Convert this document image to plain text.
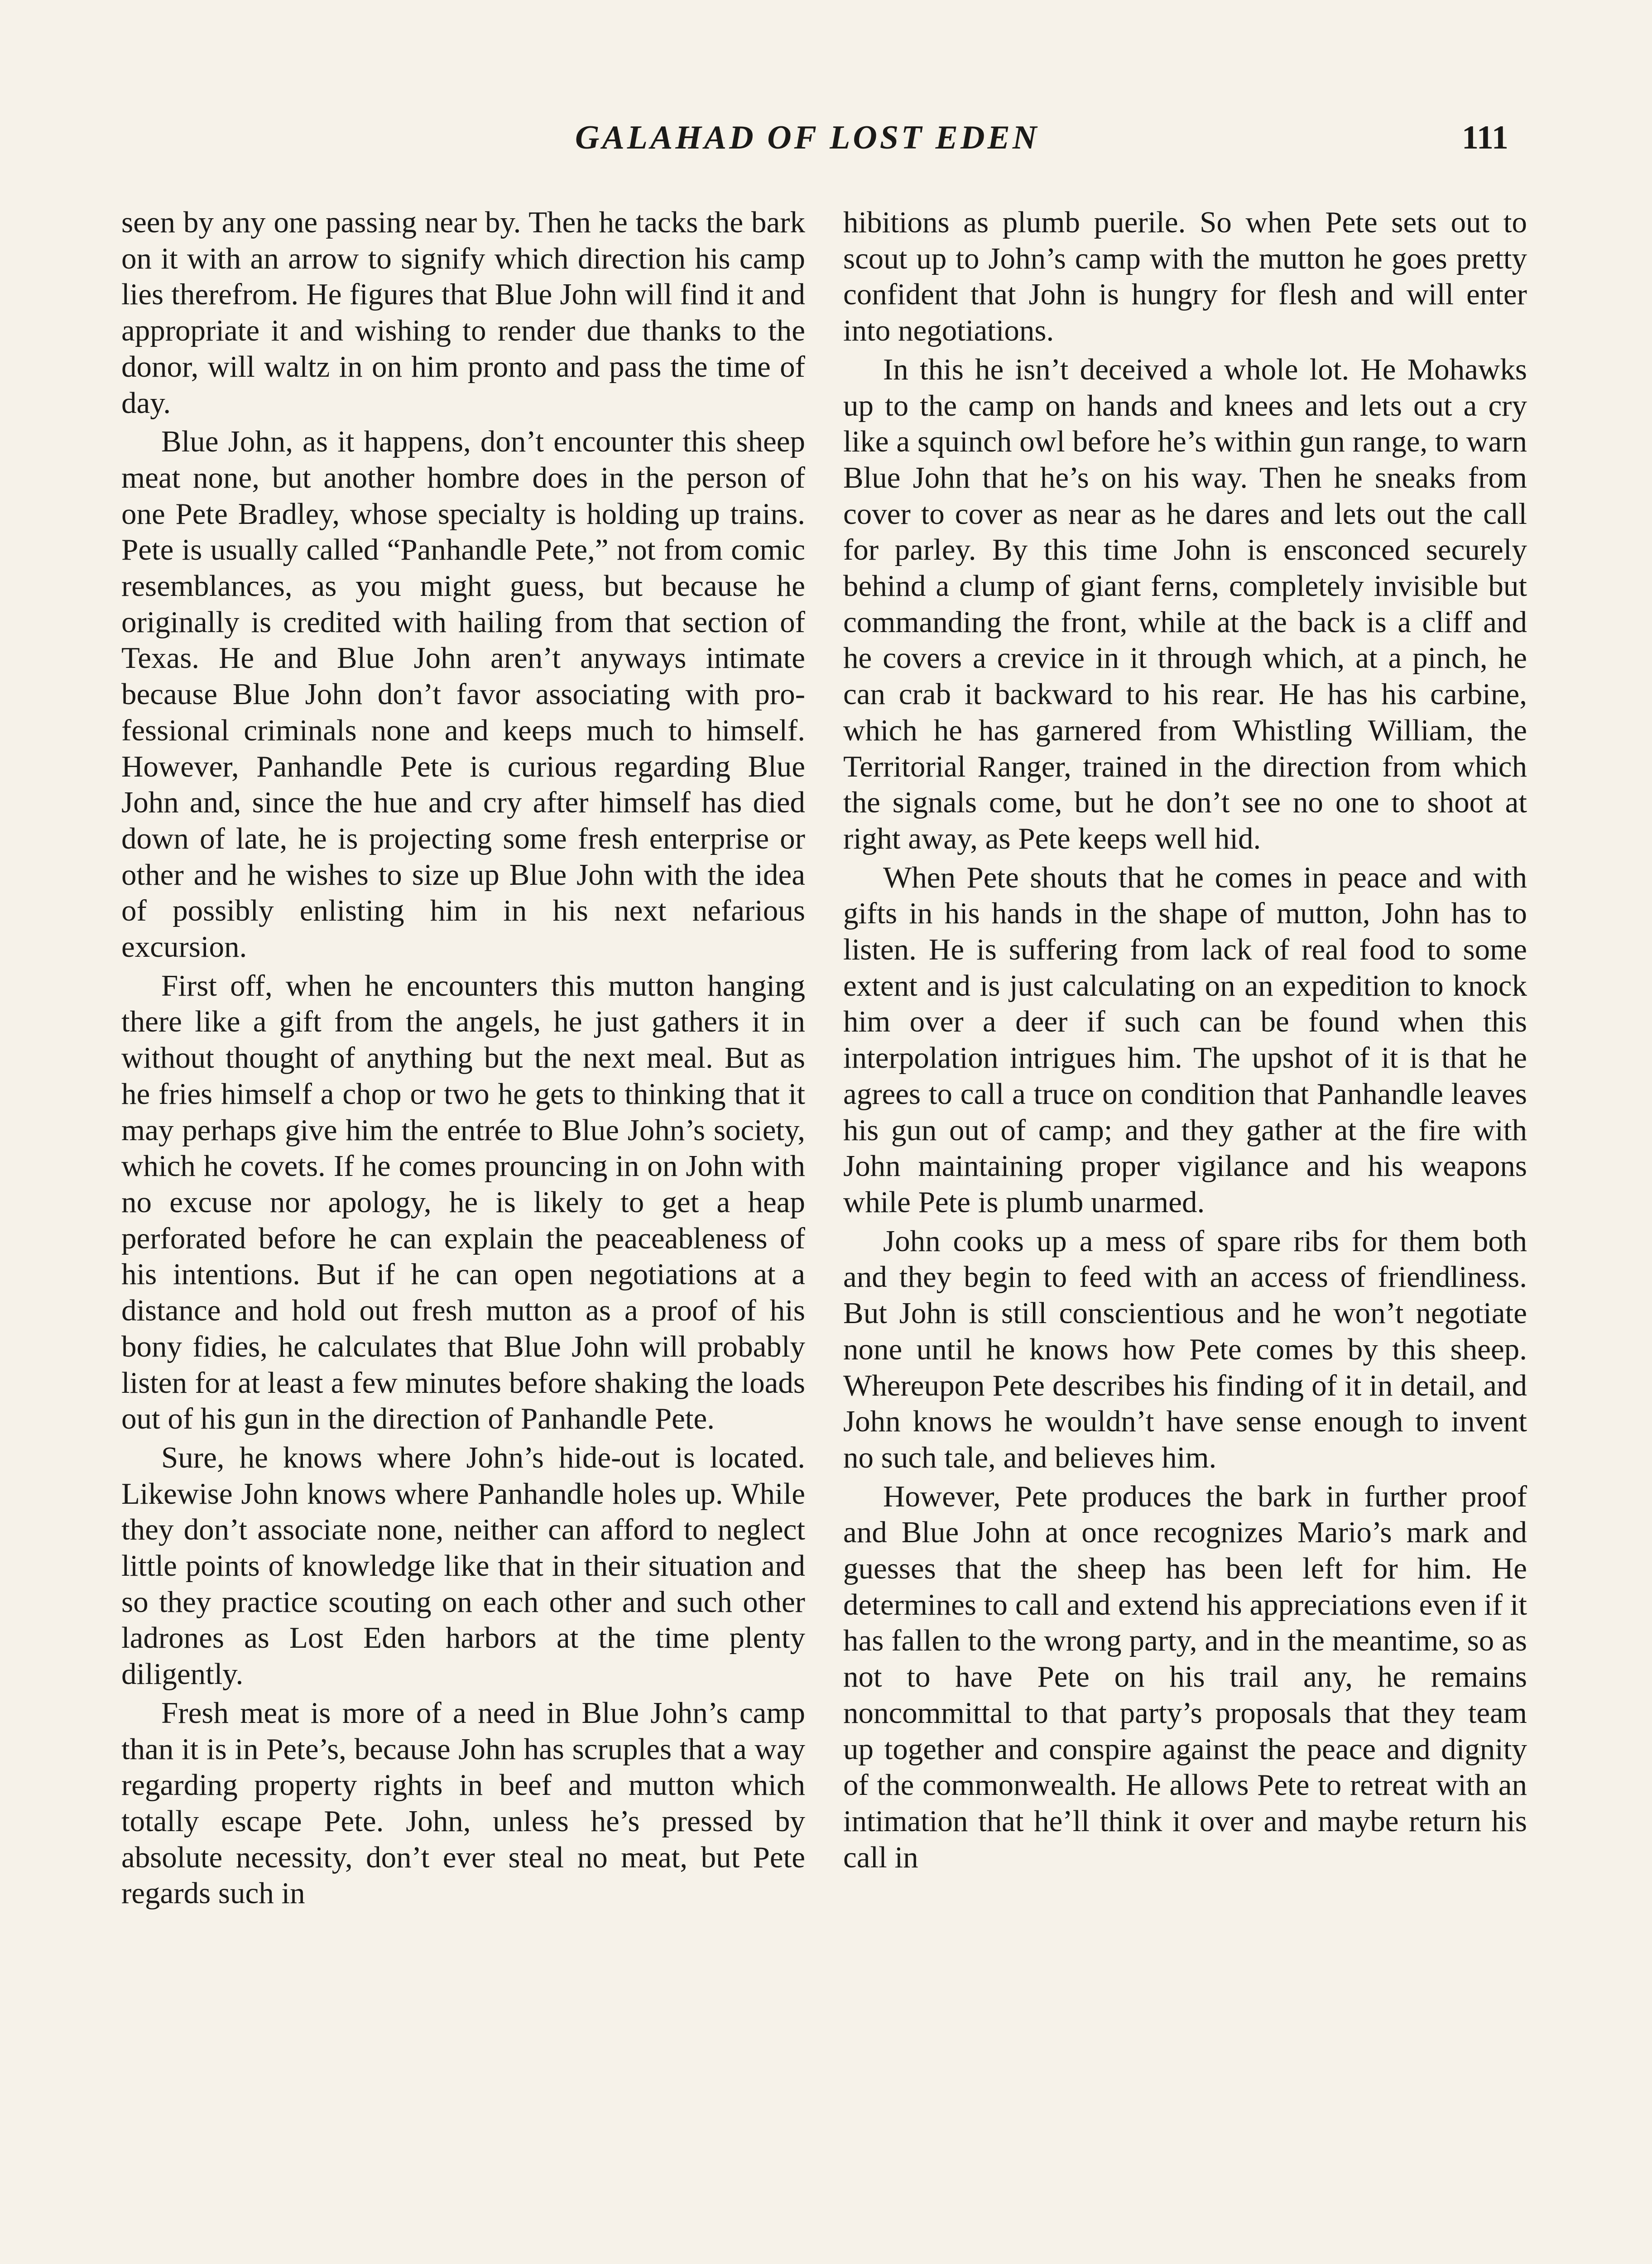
GALAHAD OF LOST EDEN	111

seen by any one passing near by. Then he tacks the bark on it with an arrow to signify which direction his camp lies therefrom. He figures that Blue John will find it and appropriate it and wishing to render due thanks to the donor, will waltz in on him pronto and pass the time of day.

Blue John, as it happens, don’t encounter this sheep meat none, but another hombre does in the person of one Pete Bradley, whose specialty is holding up trains. Pete is usually called “Panhandle Pete,” not from comic resemblances, as you might guess, but because he originally is credited with hailing from that section of Texas. He and Blue John aren’t anyways intimate because Blue John don’t favor associating with professional criminals none and keeps much to himself. However, Panhandle Pete is curious regarding Blue John and, since the hue and cry after himself has died down of late, he is projecting some fresh enterprise or other and he wishes to size up Blue John with the idea of possibly enlisting him in his next nefarious excursion.

First off, when he encounters this mutton hanging there like a gift from the angels, he just gathers it in without thought of anything but the next meal. But as he fries himself a chop or two he gets to thinking that it may perhaps give him the entrée to Blue John’s society, which he covets. If he comes prouncing in on John with no excuse nor apology, he is likely to get a heap perforated before he can explain the peaceableness of his intentions. But if he can open negotiations at a distance and hold out fresh mutton as a proof of his bony fidies, he calculates that Blue John will probably listen for at least a few minutes before shaking the loads out of his gun in the direction of Panhandle Pete.

Sure, he knows where John’s hide-out is located. Likewise John knows where Panhandle holes up. While they don’t associate none, neither can afford to neglect little points of knowledge like that in their situation and so they practice scouting on each other and such other ladrones as Lost Eden harbors at the time plenty diligently.

Fresh meat is more of a need in Blue John’s camp than it is in Pete’s, because John has scruples that a way regarding property rights in beef and mutton which totally escape Pete. John, unless he’s pressed by absolute necessity, don’t ever steal no meat, but Pete regards such in

hibitions as plumb puerile. So when Pete sets out to scout up to John’s camp with the mutton he goes pretty confident that John is hungry for flesh and will enter into negotiations.

In this he isn’t deceived a whole lot. He Mohawks up to the camp on hands and knees and lets out a cry like a squinch owl before he’s within gun range, to warn Blue John that he’s on his way. Then he sneaks from cover to cover as near as he dares and lets out the call for parley. By this time John is ensconced securely behind a clump of giant ferns, completely invisible but commanding the front, while at the back is a cliff and he covers a crevice in it through which, at a pinch, he can crab it backward to his rear. He has his carbine, which he has garnered from Whistling William, the Territorial Ranger, trained in the direction from which the signals come, but he don’t see no one to shoot at right away, as Pete keeps well hid.

When Pete shouts that he comes in peace and with gifts in his hands in the shape of mutton, John has to listen. He is suffering from lack of real food to some extent and is just calculating on an expedition to knock him over a deer if such can be found when this interpolation intrigues him. The upshot of it is that he agrees to call a truce on condition that Panhandle leaves his gun out of camp; and they gather at the fire with John maintaining proper vigilance and his weapons while Pete is plumb unarmed.

John cooks up a mess of spare ribs for them both and they begin to feed with an access of friendliness. But John is still conscientious and he won’t negotiate none until he knows how Pete comes by this sheep. Whereupon Pete describes his finding of it in detail, and John knows he wouldn’t have sense enough to invent no such tale, and believes him.

However, Pete produces the bark in further proof and Blue John at once recognizes Mario’s mark and guesses that the sheep has been left for him. He determines to call and extend his appreciations even if it has fallen to the wrong party, and in the meantime, so as not to have Pete on his trail any, he remains noncommittal to that party’s proposals that they team up together and conspire against the peace and dignity of the commonwealth. He allows Pete to retreat with an intimation that he’ll think it over and maybe return his call in
